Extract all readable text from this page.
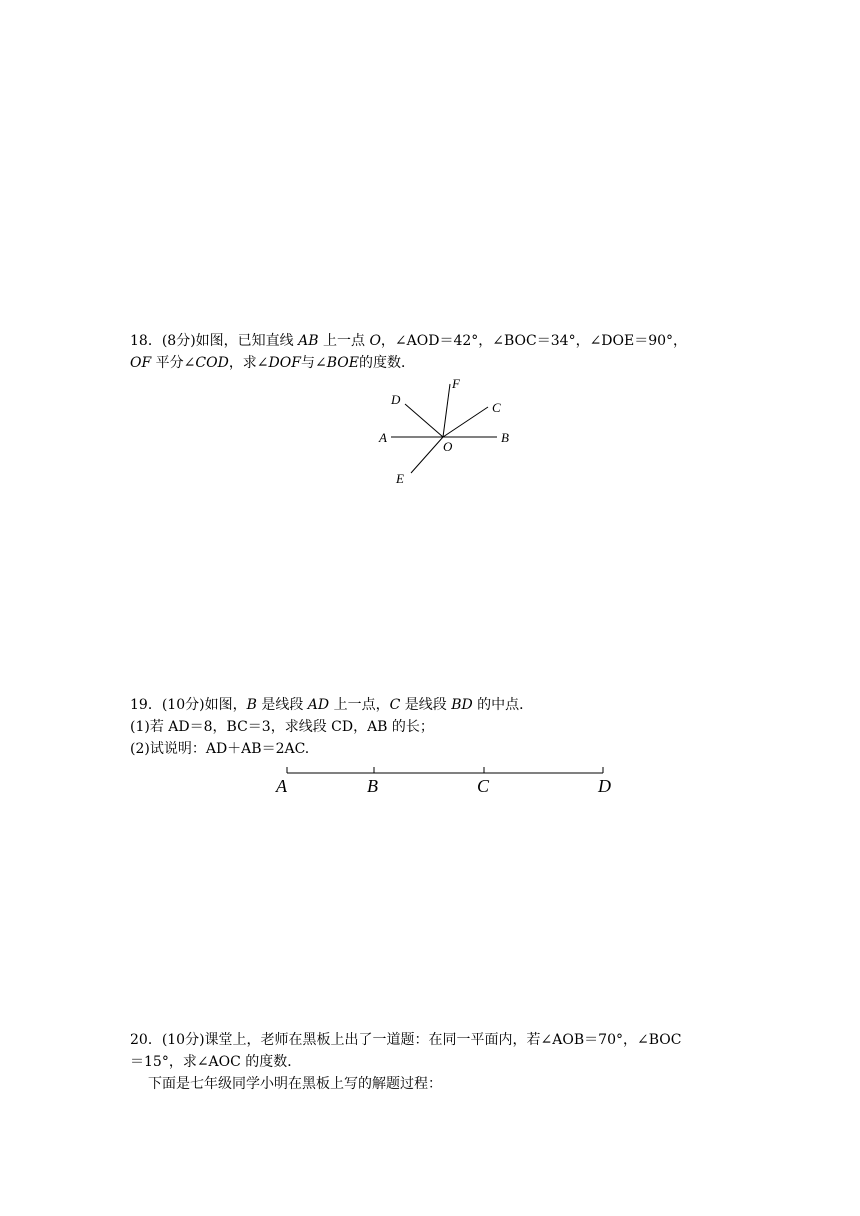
18．(8分)如图，已知直线 AB 上一点 O，∠AOD＝42°，∠BOC＝34°，∠DOE＝90°，
OF 平分∠COD，求∠DOF与∠BOE的度数．
A	B
C
D
E
F
O
19．(10分)如图，B 是线段 AD 上一点，C 是线段 BD 的中点．
(1)若 AD＝8，BC＝3，求线段 CD，AB 的长；
(2)试说明：AD＋AB＝2AC.
A	B	C	D
20．(10分)课堂上，老师在黑板上出了一道题：在同一平面内，若∠AOB＝70°，∠BOC
＝15°，求∠AOC 的度数．
下面是七年级同学小明在黑板上写的解题过程：
